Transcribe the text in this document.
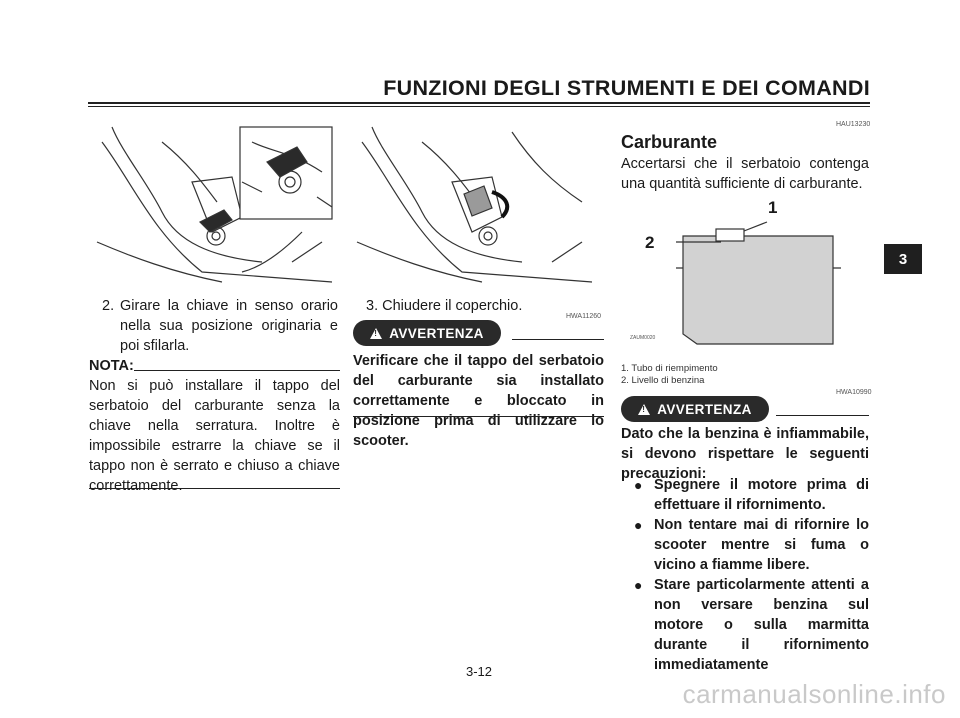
FUNZIONI DEGLI STRUMENTI E DEI COMANDI
2. Girare la chiave in senso orario nella sua posizione originaria e poi sfilarla.
NOTA:
Non si può installare il tappo del serbatoio del carburante senza la chiave nella serratura. Inoltre è impossibile estrarre la chiave se il tappo non è serrato e chiuso a chiave correttamente.
3. Chiudere il coperchio.
HWA11260
! AVVERTENZA
Verificare che il tappo del serbatoio del carburante sia installato correttamente e bloccato in posizione prima di utilizzare lo scooter.
HAU13230
Carburante
Accertarsi che il serbatoio contenga una quantità sufficiente di carburante.
1
2
ZAUM0020
1. Tubo di riempimento
2. Livello di benzina
HWA10990
! AVVERTENZA
Dato che la benzina è infiammabile, si devono rispettare le seguenti precauzioni:
● Spegnere il motore prima di effettuare il rifornimento.
● Non tentare mai di rifornire lo scooter mentre si fuma o vicino a fiamme libere.
● Stare particolarmente attenti a non versare benzina sul motore o sulla marmitta durante il rifornimento immediatamente
3
3-12
carmanualsonline.info
